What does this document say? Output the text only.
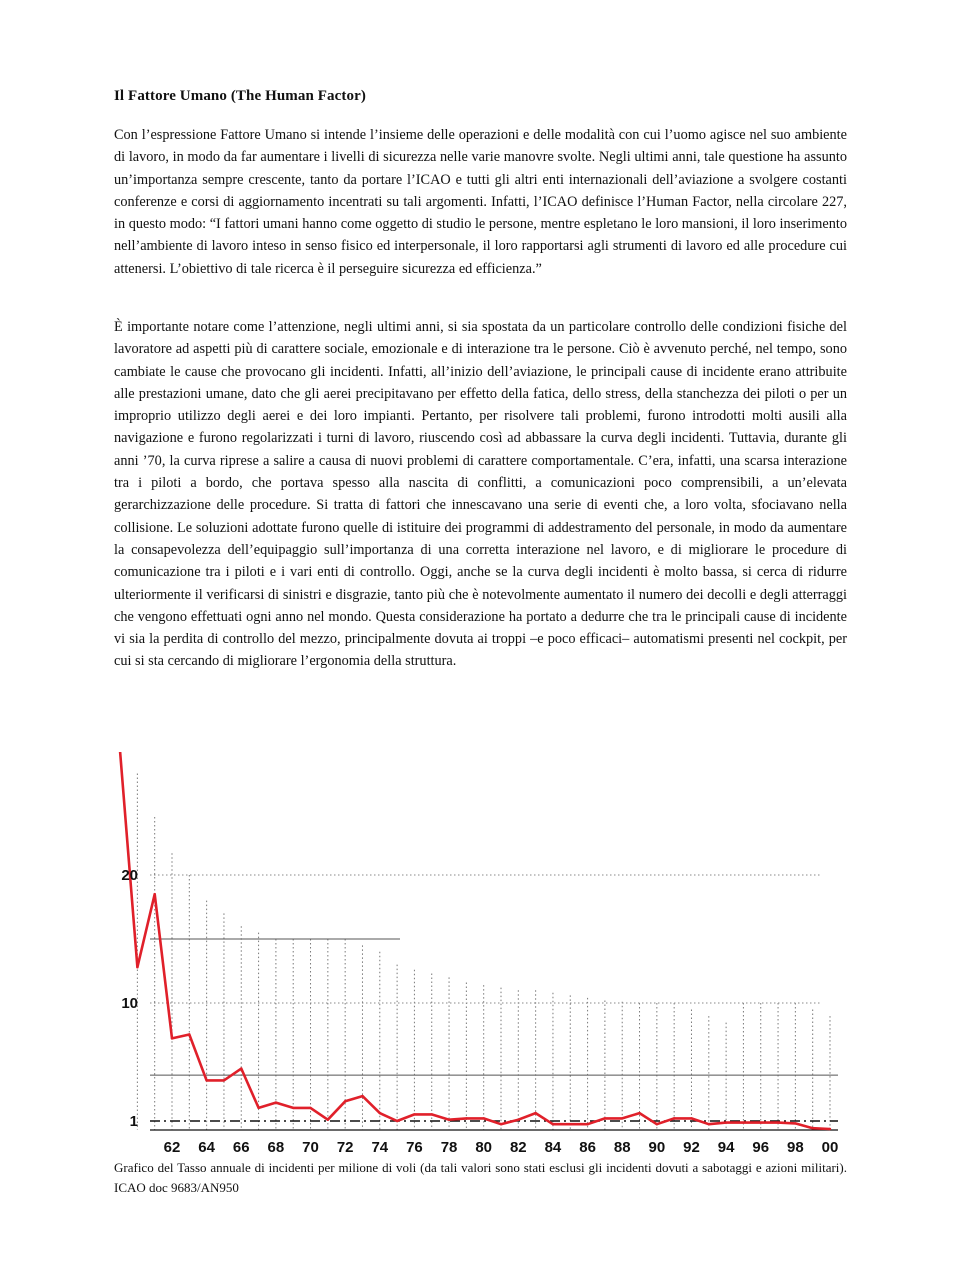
Il Fattore Umano (The Human Factor)

Con l’espressione Fattore Umano si intende l’insieme delle operazioni e delle modalità con cui l’uomo agisce nel suo ambiente di lavoro, in modo da far aumentare i livelli di sicurezza nelle varie manovre svolte. Negli ultimi anni, tale questione ha assunto un’importanza sempre crescente, tanto da portare l’ICAO e tutti gli altri enti internazionali dell’aviazione a svolgere costanti conferenze e corsi di aggiornamento incentrati su tali argomenti. Infatti, l’ICAO definisce l’Human Factor, nella circolare 227, in questo modo: “I fattori umani hanno come oggetto di studio le persone, mentre espletano le loro mansioni, il loro inserimento nell’ambiente di lavoro inteso in senso fisico ed interpersonale, il loro rapportarsi agli strumenti di lavoro ed alle procedure cui attenersi. L’obiettivo di tale ricerca è il perseguire sicurezza ed efficienza.”

È importante notare come l’attenzione, negli ultimi anni, si sia spostata da un particolare controllo delle condizioni fisiche del lavoratore ad aspetti più di carattere sociale, emozionale e di interazione tra le persone. Ciò è avvenuto perché, nel tempo, sono cambiate le cause che provocano gli incidenti. Infatti, all’inizio dell’aviazione, le principali cause di incidente erano attribuite alle prestazioni umane, dato che gli aerei precipitavano per effetto della fatica, dello stress, della stanchezza dei piloti o per un improprio utilizzo degli aerei e dei loro impianti. Pertanto, per risolvere tali problemi, furono introdotti molti ausili alla navigazione e furono regolarizzati i turni di lavoro, riuscendo così ad abbassare la curva degli incidenti. Tuttavia, durante gli anni ’70, la curva riprese a salire a causa di nuovi problemi di carattere comportamentale. C’era, infatti, una scarsa interazione tra i piloti a bordo, che portava spesso alla nascita di conflitti, a comunicazioni poco comprensibili, a un’elevata gerarchizzazione delle procedure. Si tratta di fattori che innescavano una serie di eventi che, a loro volta, sfociavano nella collisione. Le soluzioni adottate furono quelle di istituire dei programmi di addestramento del personale, in modo da aumentare la consapevolezza dell’equipaggio sull’importanza di una corretta interazione nel lavoro, e di migliorare le procedure di comunicazione tra i piloti e i vari enti di controllo. Oggi, anche se la curva degli incidenti è molto bassa, si cerca di ridurre ulteriormente il verificarsi di sinistri e disgrazie, tanto più che è notevolmente aumentato il numero dei decolli e degli atterraggi che vengono effettuati ogni anno nel mondo. Questa considerazione ha portato a dedurre che tra le principali cause di incidente vi sia la perdita di controllo del mezzo, principalmente dovuta ai troppi –e poco efficaci– automatismi presenti nel cockpit, per cui si sta cercando di migliorare l’ergonomia della struttura.

62 64 66 68 70 72 74 76 78 80 82 84 86 88 90 92 94 96 98 00
20
10
1

Grafico del Tasso annuale di incidenti per milione di voli (da tali valori sono stati esclusi gli incidenti dovuti a sabotaggi e azioni militari). ICAO doc 9683/AN950
